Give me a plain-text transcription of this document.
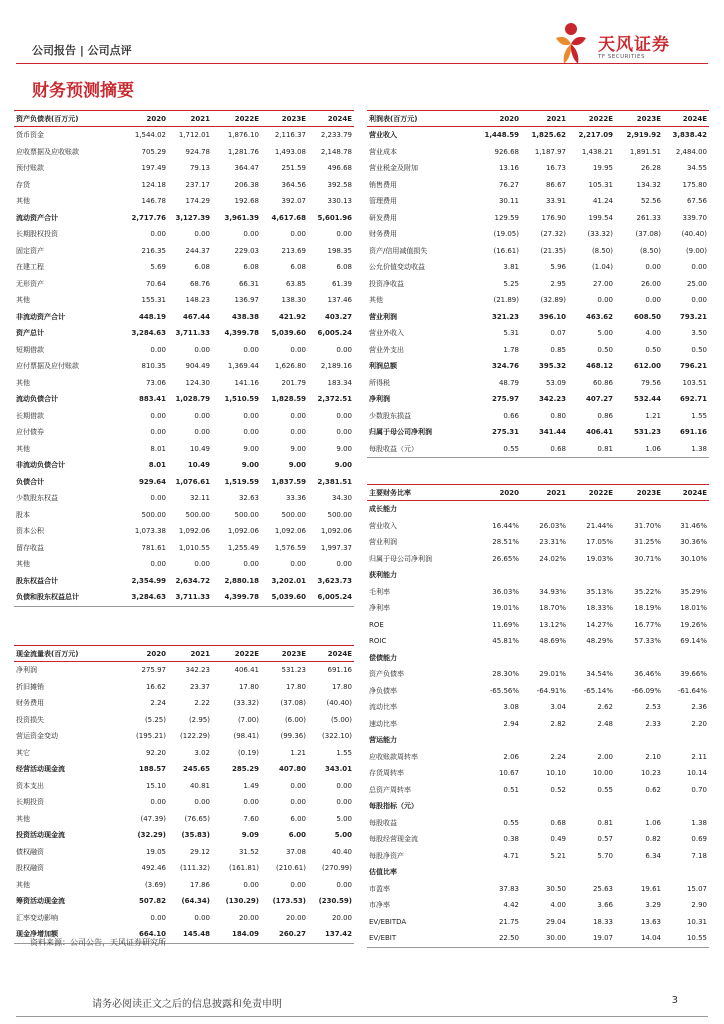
公司报告 | 公司点评	天风证券
TF SECURITIES
财务预测摘要
资产负债表(百万元)	2020	2021	2022E	2023E	2024E
货币资金	1,544.02	1,712.01	1,876.10	2,116.37	2,233.79
应收票据及应收账款	705.29	924.78	1,281.76	1,493.08	2,148.78
预付账款	197.49	79.13	364.47	251.59	496.68
存货	124.18	237.17	206.38	364.56	392.58
其他	146.78	174.29	192.68	392.07	330.13
流动资产合计	2,717.76	3,127.39	3,961.39	4,617.68	5,601.96
长期股权投资	0.00	0.00	0.00	0.00	0.00
固定资产	216.35	244.37	229.03	213.69	198.35
在建工程	5.69	6.08	6.08	6.08	6.08
无形资产	70.64	68.76	66.31	63.85	61.39
其他	155.31	148.23	136.97	138.30	137.46
非流动资产合计	448.19	467.44	438.38	421.92	403.27
资产总计	3,284.63	3,711.33	4,399.78	5,039.60	6,005.24
短期借款	0.00	0.00	0.00	0.00	0.00
应付票据及应付账款	810.35	904.49	1,369.44	1,626.80	2,189.16
其他	73.06	124.30	141.16	201.79	183.34
流动负债合计	883.41	1,028.79	1,510.59	1,828.59	2,372.51
长期借款	0.00	0.00	0.00	0.00	0.00
应付债券	0.00	0.00	0.00	0.00	0.00
其他	8.01	10.49	9.00	9.00	9.00
非流动负债合计	8.01	10.49	9.00	9.00	9.00
负债合计	929.64	1,076.61	1,519.59	1,837.59	2,381.51
少数股东权益	0.00	32.11	32.63	33.36	34.30
股本	500.00	500.00	500.00	500.00	500.00
资本公积	1,073.38	1,092.06	1,092.06	1,092.06	1,092.06
留存收益	781.61	1,010.55	1,255.49	1,576.59	1,997.37
其他	0.00	0.00	0.00	0.00	0.00
股东权益合计	2,354.99	2,634.72	2,880.18	3,202.01	3,623.73
负债和股东权益总计	3,284.63	3,711.33	4,399.78	5,039.60	6,005.24
利润表(百万元)	2020	2021	2022E	2023E	2024E
营业收入	1,448.59	1,825.62	2,217.09	2,919.92	3,838.42
营业成本	926.68	1,187.97	1,438.21	1,891.51	2,484.00
营业税金及附加	13.16	16.73	19.95	26.28	34.55
销售费用	76.27	86.67	105.31	134.32	175.80
管理费用	30.11	33.91	41.24	52.56	67.56
研发费用	129.59	176.90	199.54	261.33	339.70
财务费用	(19.05)	(27.32)	(33.32)	(37.08)	(40.40)
资产/信用减值损失	(16.61)	(21.35)	(8.50)	(8.50)	(9.00)
公允价值变动收益	3.81	5.96	(1.04)	0.00	0.00
投资净收益	5.25	2.95	27.00	26.00	25.00
其他	(21.89)	(32.89)	0.00	0.00	0.00
营业利润	321.23	396.10	463.62	608.50	793.21
营业外收入	5.31	0.07	5.00	4.00	3.50
营业外支出	1.78	0.85	0.50	0.50	0.50
利润总额	324.76	395.32	468.12	612.00	796.21
所得税	48.79	53.09	60.86	79.56	103.51
净利润	275.97	342.23	407.27	532.44	692.71
少数股东损益	0.66	0.80	0.86	1.21	1.55
归属于母公司净利润	275.31	341.44	406.41	531.23	691.16
每股收益（元）	0.55	0.68	0.81	1.06	1.38
主要财务比率	2020	2021	2022E	2023E	2024E
成长能力					
营业收入	16.44%	26.03%	21.44%	31.70%	31.46%
营业利润	28.51%	23.31%	17.05%	31.25%	30.36%
归属于母公司净利润	26.65%	24.02%	19.03%	30.71%	30.10%
获利能力					
毛利率	36.03%	34.93%	35.13%	35.22%	35.29%
净利率	19.01%	18.70%	18.33%	18.19%	18.01%
ROE	11.69%	13.12%	14.27%	16.77%	19.26%
ROIC	45.81%	48.69%	48.29%	57.33%	69.14%
偿债能力					
资产负债率	28.30%	29.01%	34.54%	36.46%	39.66%
净负债率	-65.56%	-64.91%	-65.14%	-66.09%	-61.64%
流动比率	3.08	3.04	2.62	2.53	2.36
速动比率	2.94	2.82	2.48	2.33	2.20
营运能力					
应收账款周转率	2.06	2.24	2.00	2.10	2.11
存货周转率	10.67	10.10	10.00	10.23	10.14
总资产周转率	0.51	0.52	0.55	0.62	0.70
每股指标（元）					
每股收益	0.55	0.68	0.81	1.06	1.38
每股经营现金流	0.38	0.49	0.57	0.82	0.69
每股净资产	4.71	5.21	5.70	6.34	7.18
估值比率					
市盈率	37.83	30.50	25.63	19.61	15.07
市净率	4.42	4.00	3.66	3.29	2.90
EV/EBITDA	21.75	29.04	18.33	13.63	10.31
EV/EBIT	22.50	30.00	19.07	14.04	10.55
现金流量表(百万元)	2020	2021	2022E	2023E	2024E
净利润	275.97	342.23	406.41	531.23	691.16
折旧摊销	16.62	23.37	17.80	17.80	17.80
财务费用	2.24	2.22	(33.32)	(37.08)	(40.40)
投资损失	(5.25)	(2.95)	(7.00)	(6.00)	(5.00)
营运资金变动	(195.21)	(122.29)	(98.41)	(99.36)	(322.10)
其它	92.20	3.02	(0.19)	1.21	1.55
经营活动现金流	188.57	245.65	285.29	407.80	343.01
资本支出	15.10	40.81	1.49	0.00	0.00
长期投资	0.00	0.00	0.00	0.00	0.00
其他	(47.39)	(76.65)	7.60	6.00	5.00
投资活动现金流	(32.29)	(35.83)	9.09	6.00	5.00
债权融资	19.05	29.12	31.52	37.08	40.40
股权融资	492.46	(111.32)	(161.81)	(210.61)	(270.99)
其他	(3.69)	17.86	0.00	0.00	0.00
筹资活动现金流	507.82	(64.34)	(130.29)	(173.53)	(230.59)
汇率变动影响	0.00	0.00	20.00	20.00	20.00
现金净增加额	664.10	145.48	184.09	260.27	137.42
资料来源：公司公告，天风证券研究所
请务必阅读正文之后的信息披露和免责申明	3
